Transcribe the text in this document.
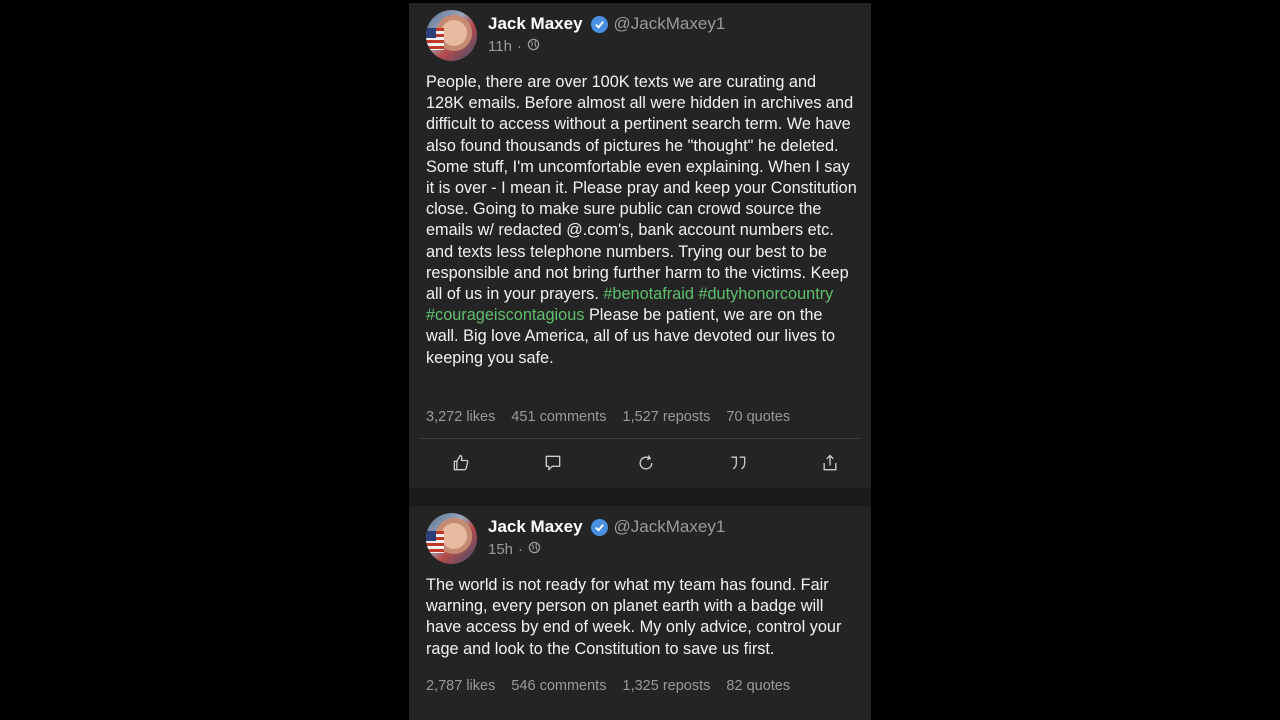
Jack Maxey @JackMaxey1
11h ·
People, there are over 100K texts we are curating and 128K emails. Before almost all were hidden in archives and difficult to access without a pertinent search term. We have also found thousands of pictures he "thought" he deleted. Some stuff, I'm uncomfortable even explaining. When I say it is over - I mean it. Please pray and keep your Constitution close. Going to make sure public can crowd source the emails w/ redacted @.com's, bank account numbers etc. and texts less telephone numbers. Trying our best to be responsible and not bring further harm to the victims. Keep all of us in your prayers. #benotafraid #dutyhonorcountry #courageiscontagious Please be patient, we are on the wall. Big love America, all of us have devoted our lives to keeping you safe.
3,272 likes 451 comments 1,527 reposts 70 quotes
Jack Maxey @JackMaxey1
15h ·
The world is not ready for what my team has found. Fair warning, every person on planet earth with a badge will have access by end of week. My only advice, control your rage and look to the Constitution to save us first.
2,787 likes 546 comments 1,325 reposts 82 quotes
